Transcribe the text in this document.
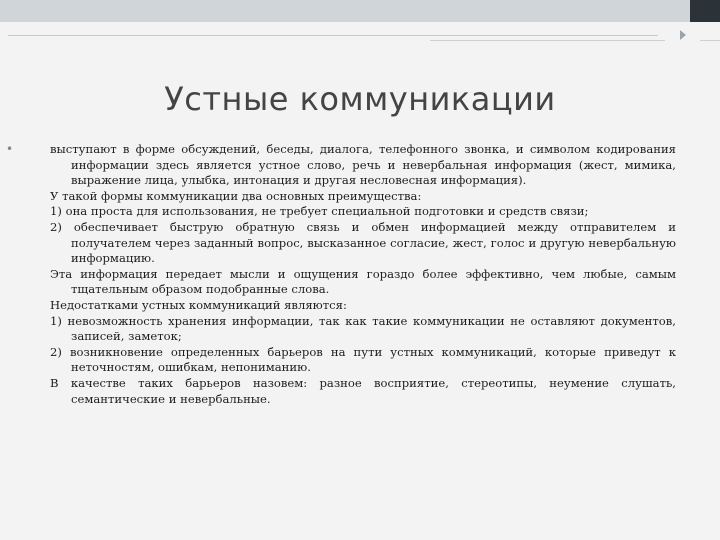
Устные коммуникации

•	выступают в форме обсуждений, беседы, диалога, телефонного звонка, и символом кодирования информации здесь является устное слово, речь и невербальная информация (жест, мимика, выражение лица, улыбка, интонация и другая несловесная информация).

У такой формы коммуникации два основных преимущества:

1) она проста для использования, не требует специальной подготовки и средств связи;

2) обеспечивает быструю обратную связь и обмен информацией между отправителем и получателем через заданный вопрос, высказанное согласие, жест, голос и другую невербальную информацию.

Эта информация передает мысли и ощущения гораздо более эффективно, чем любые, самым тщательным образом подобранные слова.

Недостатками устных коммуникаций являются:

1) невозможность хранения информации, так как такие коммуникации не оставляют документов, записей, заметок;

2) возникновение определенных барьеров на пути устных коммуникаций, которые приведут к неточностям, ошибкам, непониманию.

В качестве таких барьеров назовем: разное восприятие, стереотипы, неумение слушать, семантические и невербальные.
